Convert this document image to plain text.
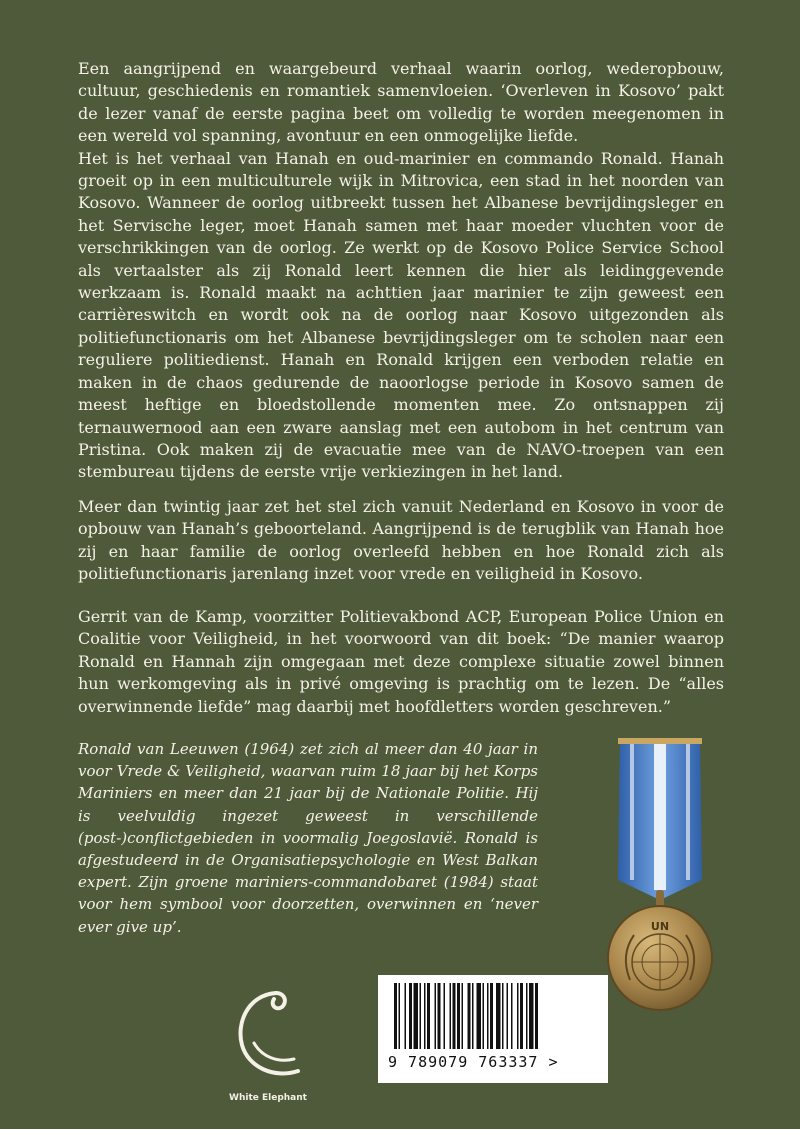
Een aangrijpend en waargebeurd verhaal waarin oorlog, wederopbouw, cultuur, geschiedenis en romantiek samenvloeien. ‘Overleven in Kosovo’ pakt de lezer vanaf de eerste pagina beet om volledig te worden meegenomen in een wereld vol spanning, avontuur en een onmogelijke liefde.
Het is het verhaal van Hanah en oud-marinier en commando Ronald. Hanah groeit op in een multiculturele wijk in Mitrovica, een stad in het noorden van Kosovo. Wanneer de oorlog uitbreekt tussen het Albanese bevrijdingsleger en het Servische leger, moet Hanah samen met haar moeder vluchten voor de verschrikkingen van de oorlog. Ze werkt op de Kosovo Police Service School als vertaalster als zij Ronald leert kennen die hier als leidinggevende werkzaam is. Ronald maakt na achttien jaar marinier te zijn geweest een carrièreswitch en wordt ook na de oorlog naar Kosovo uitgezonden als politiefunctionaris om het Albanese bevrijdingsleger om te scholen naar een reguliere politiedienst. Hanah en Ronald krijgen een verboden relatie en maken in de chaos gedurende de naoorlogse periode in Kosovo samen de meest heftige en bloedstollende momenten mee. Zo ontsnappen zij ternauwernood aan een zware aanslag met een autobom in het centrum van Pristina. Ook maken zij de evacuatie mee van de NAVO-troepen van een stembureau tijdens de eerste vrije verkiezingen in het land.

Meer dan twintig jaar zet het stel zich vanuit Nederland en Kosovo in voor de opbouw van Hanah’s geboorteland. Aangrijpend is de terugblik van Hanah hoe zij en haar familie de oorlog overleefd hebben en hoe Ronald zich als politiefunctionaris jarenlang inzet voor vrede en veiligheid in Kosovo.

Gerrit van de Kamp, voorzitter Politievakbond ACP, European Police Union en Coalitie voor Veiligheid, in het voorwoord van dit boek: “De manier waarop Ronald en Hannah zijn omgegaan met deze complexe situatie zowel binnen hun werkomgeving als in privé omgeving is prachtig om te lezen. De “alles overwinnende liefde” mag daarbij met hoofdletters worden geschreven.”

Ronald van Leeuwen (1964) zet zich al meer dan 40 jaar in voor Vrede & Veiligheid, waarvan ruim 18 jaar bij het Korps Mariniers en meer dan 21 jaar bij de Nationale Politie. Hij is veelvuldig ingezet geweest in verschillende (post-)conflictgebieden in voormalig Joegoslavië. Ronald is afgestudeerd in de Organisatiepsychologie en West Balkan expert. Zijn groene mariniers-commandobaret (1984) staat voor hem symbool voor doorzetten, overwinnen en ‘never ever give up’.	UN
White Elephant
9 789079 763337 >
